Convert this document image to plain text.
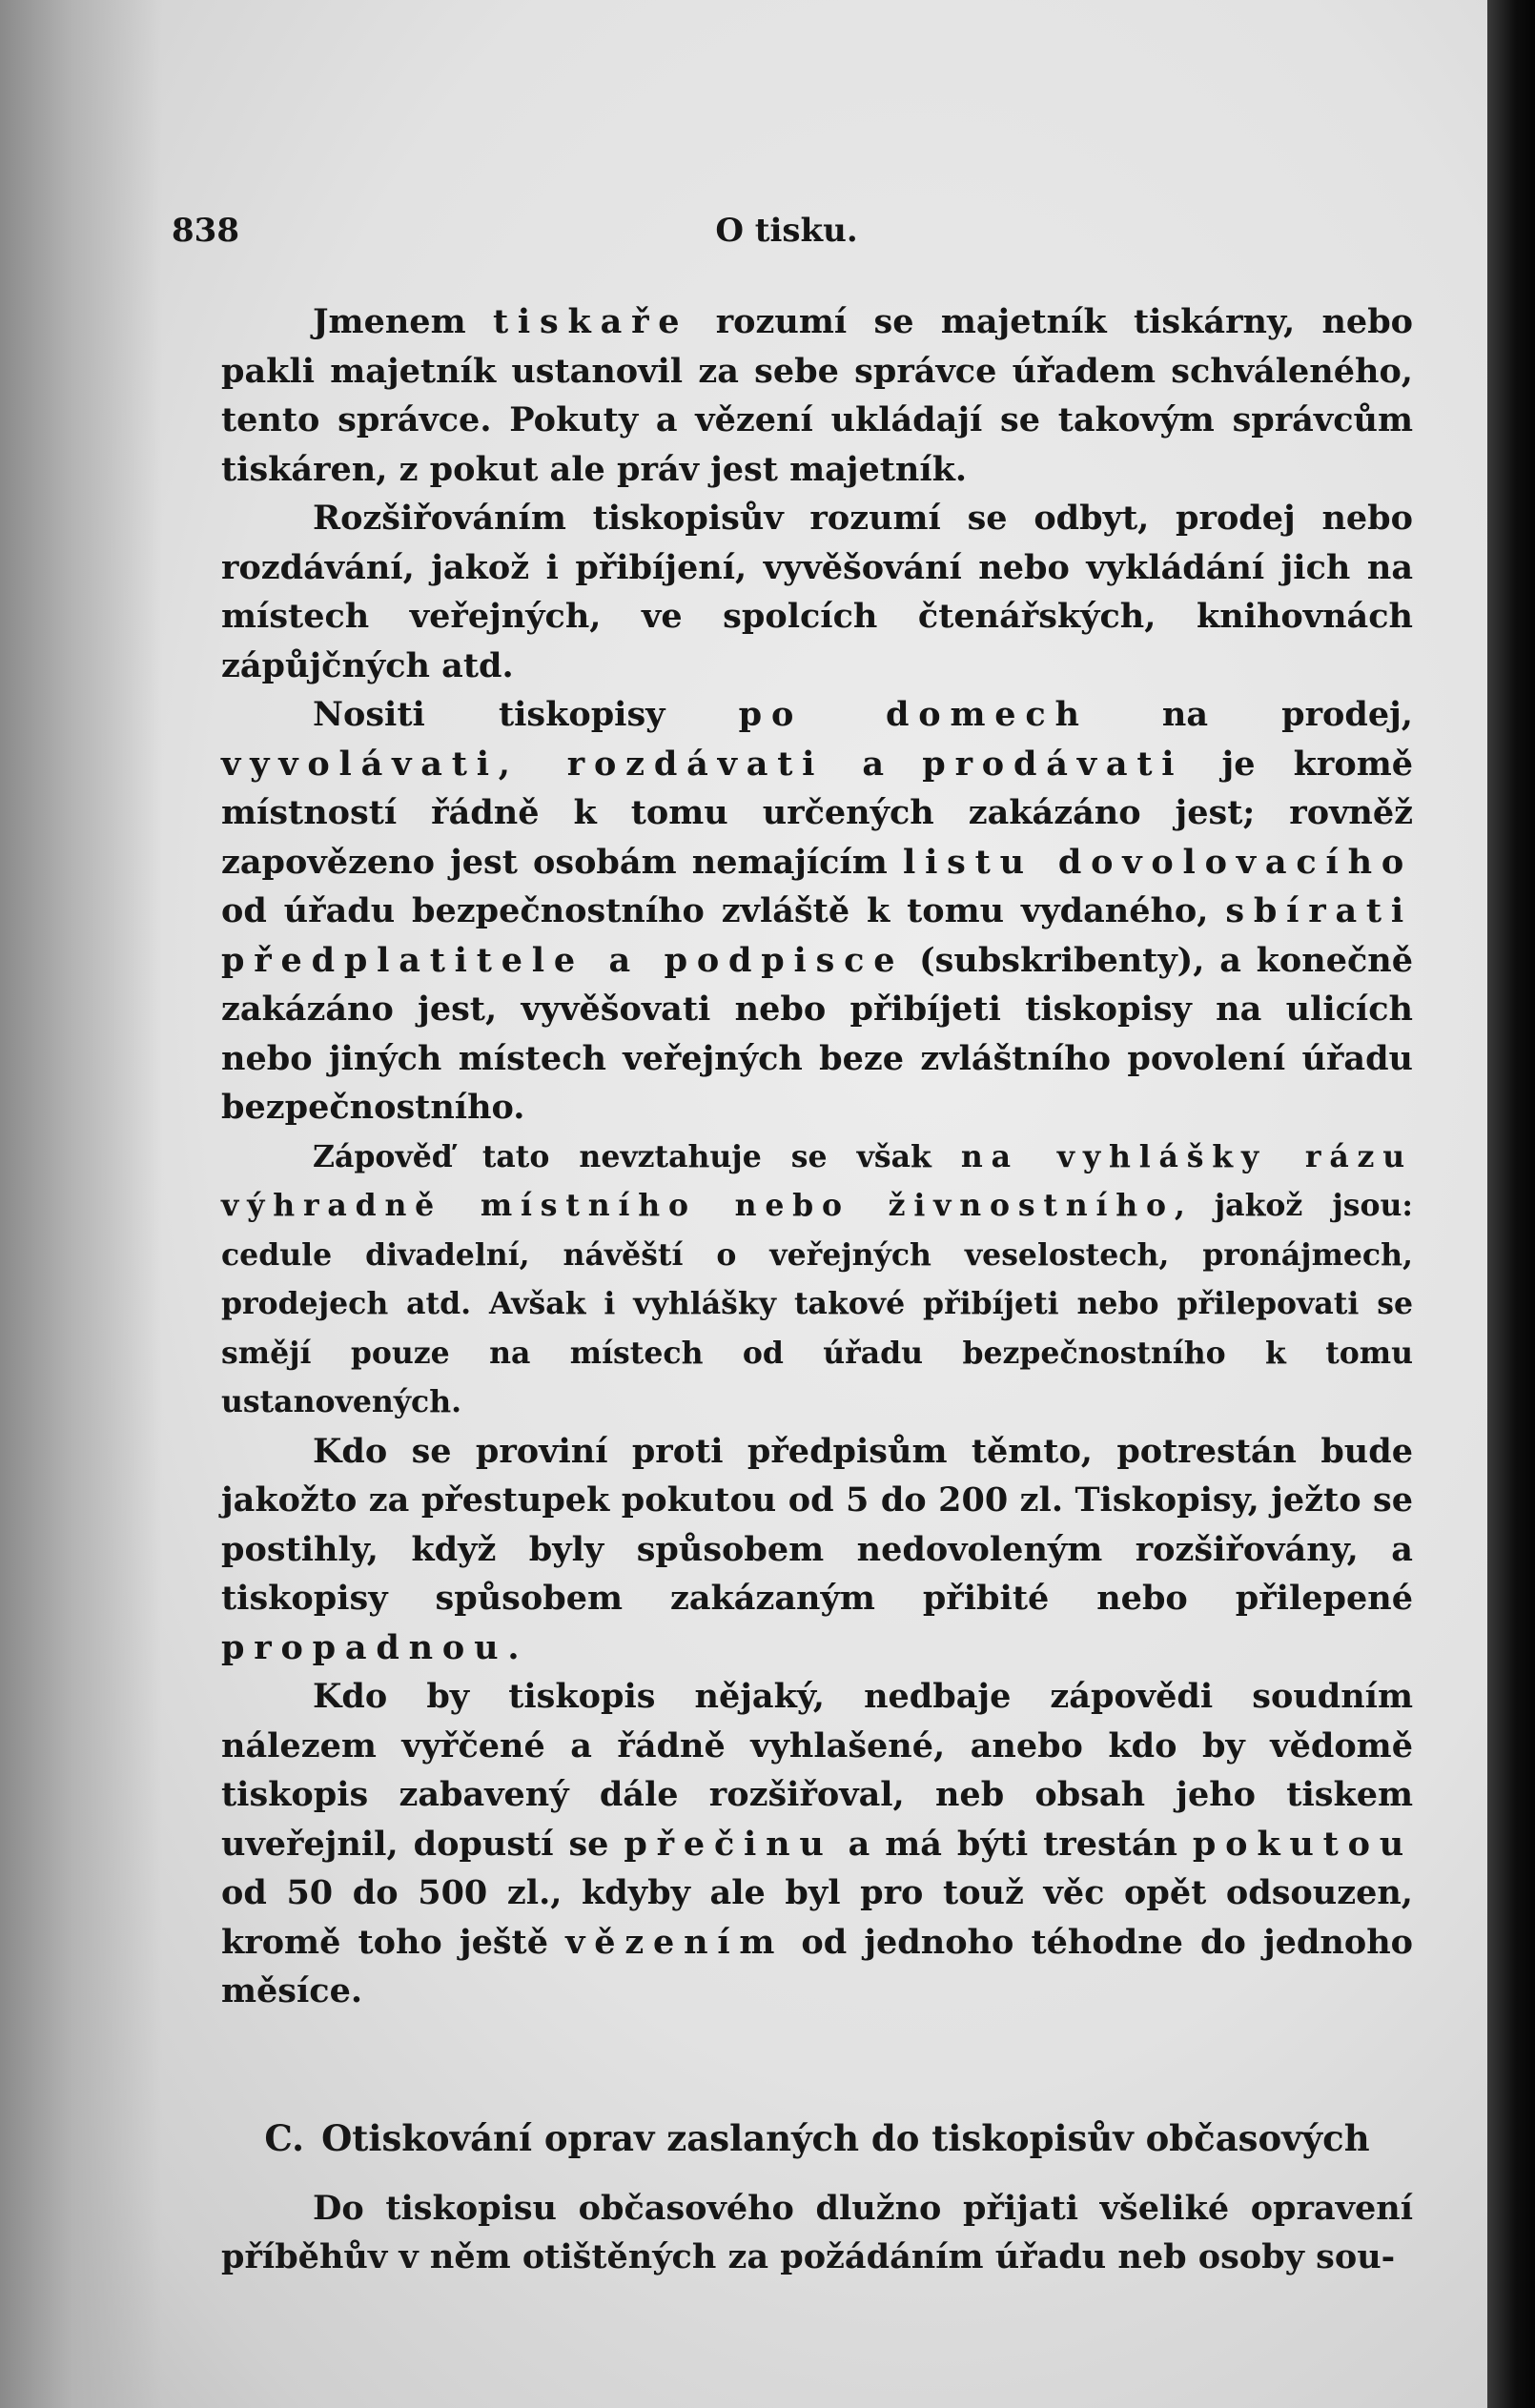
838	O tisku.

Jmenem tiskaře rozumí se majetník tiskárny, nebo pakli majetník ustanovil za sebe správce úřadem schváleného, tento správce. Pokuty a vězení ukládají se takovým správcům tiskáren, z pokut ale práv jest majetník.

Rozšiřováním tiskopisův rozumí se odbyt, prodej nebo rozdávání, jakož i přibíjení, vyvěšování nebo vykládání jich na místech veřejných, ve spolcích čtenářských, knihovnách zápůjčných atd.

Nositi tiskopisy po domech na prodej, vyvolávati, rozdávati a prodávati je kromě místností řádně k tomu určených zakázáno jest; rovněž zapovězeno jest osobám nemajícím listu dovolovacího od úřadu bezpečnostního zvláště k tomu vydaného, sbírati předplatitele a podpisce (subskribenty), a konečně zakázáno jest, vyvěšovati nebo přibíjeti tiskopisy na ulicích nebo jiných místech veřejných beze zvláštního povolení úřadu bezpečnostního.

Zápověď tato nevztahuje se však na vyhlášky rázu výhradně místního nebo živnostního, jakož jsou: cedule divadelní, návěští o veřejných veselostech, pronájmech, prodejech atd. Avšak i vyhlášky takové přibíjeti nebo přilepovati se smějí pouze na místech od úřadu bezpečnostního k tomu ustanovených.

Kdo se proviní proti předpisům těmto, potrestán bude jakožto za přestupek pokutou od 5 do 200 zl. Tiskopisy, ježto se postihly, když byly spůsobem nedovoleným rozšiřovány, a tiskopisy spůsobem zakázaným přibité nebo přilepené propadnou.

Kdo by tiskopis nějaký, nedbaje zápovědi soudním nálezem vyřčené a řádně vyhlašené, anebo kdo by vědomě tiskopis zabavený dále rozšiřoval, neb obsah jeho tiskem uveřejnil, dopustí se přečinu a má býti trestán pokutou od 50 do 500 zl., kdyby ale byl pro touž věc opět odsouzen, kromě toho ještě vězením od jednoho téhodne do jednoho měsíce.

C. Otiskování oprav zaslaných do tiskopisův občasových

Do tiskopisu občasového dlužno přijati všeliké opravení příběhův v něm otištěných za požádáním úřadu neb osoby sou-
